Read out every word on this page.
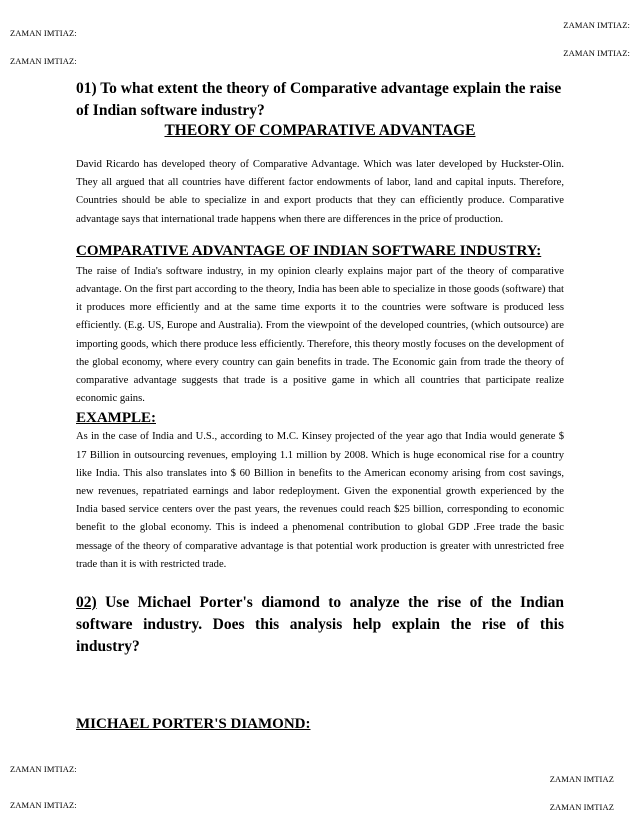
ZAMAN IMTIAZ:
ZAMAN IMTIAZ:
ZAMAN IMTIAZ:
ZAMAN IMTIAZ:

01) To what extent the theory of Comparative advantage explain the raise of Indian software industry?

THEORY OF COMPARATIVE ADVANTAGE

David Ricardo has developed theory of Comparative Advantage. Which was later developed by Huckster-Olin. They all argued that all countries have different factor endowments of labor, land and capital inputs. Therefore, Countries should be able to specialize in and export products that they can efficiently produce. Comparative advantage says that international trade happens when there are differences in the price of production.

COMPARATIVE ADVANTAGE OF INDIAN SOFTWARE INDUSTRY:

The raise of India's software industry, in my opinion clearly explains major part of the theory of comparative advantage. On the first part according to the theory, India has been able to specialize in those goods (software) that it produces more efficiently and at the same time exports it to the countries were software is produced less efficiently. (E.g. US, Europe and Australia). From the viewpoint of the developed countries, (which outsource) are importing goods, which there produce less efficiently. Therefore, this theory mostly focuses on the development of the global economy, where every country can gain benefits in trade. The Economic gain from trade the theory of comparative advantage suggests that trade is a positive game in which all countries that participate realize economic gains.

EXAMPLE:

As in the case of India and U.S., according to M.C. Kinsey projected of the year ago that India would generate $ 17 Billion in outsourcing revenues, employing 1.1 million by 2008. Which is huge economical rise for a country like India. This also translates into $ 60 Billion in benefits to the American economy arising from cost savings, new revenues, repatriated earnings and labor redeployment. Given the exponential growth experienced by the India based service centers over the past years, the revenues could reach $25 billion, corresponding to economic benefit to the global economy. This is indeed a phenomenal contribution to global GDP .Free trade the basic message of the theory of comparative advantage is that potential work production is greater with unrestricted free trade than it is with restricted trade.

02) Use Michael Porter's diamond to analyze the rise of the Indian software industry. Does this analysis help explain the rise of this industry?

MICHAEL PORTER'S DIAMOND:

ZAMAN IMTIAZ:
ZAMAN IMTIAZ:
ZAMAN IMTIAZ
ZAMAN IMTIAZ
